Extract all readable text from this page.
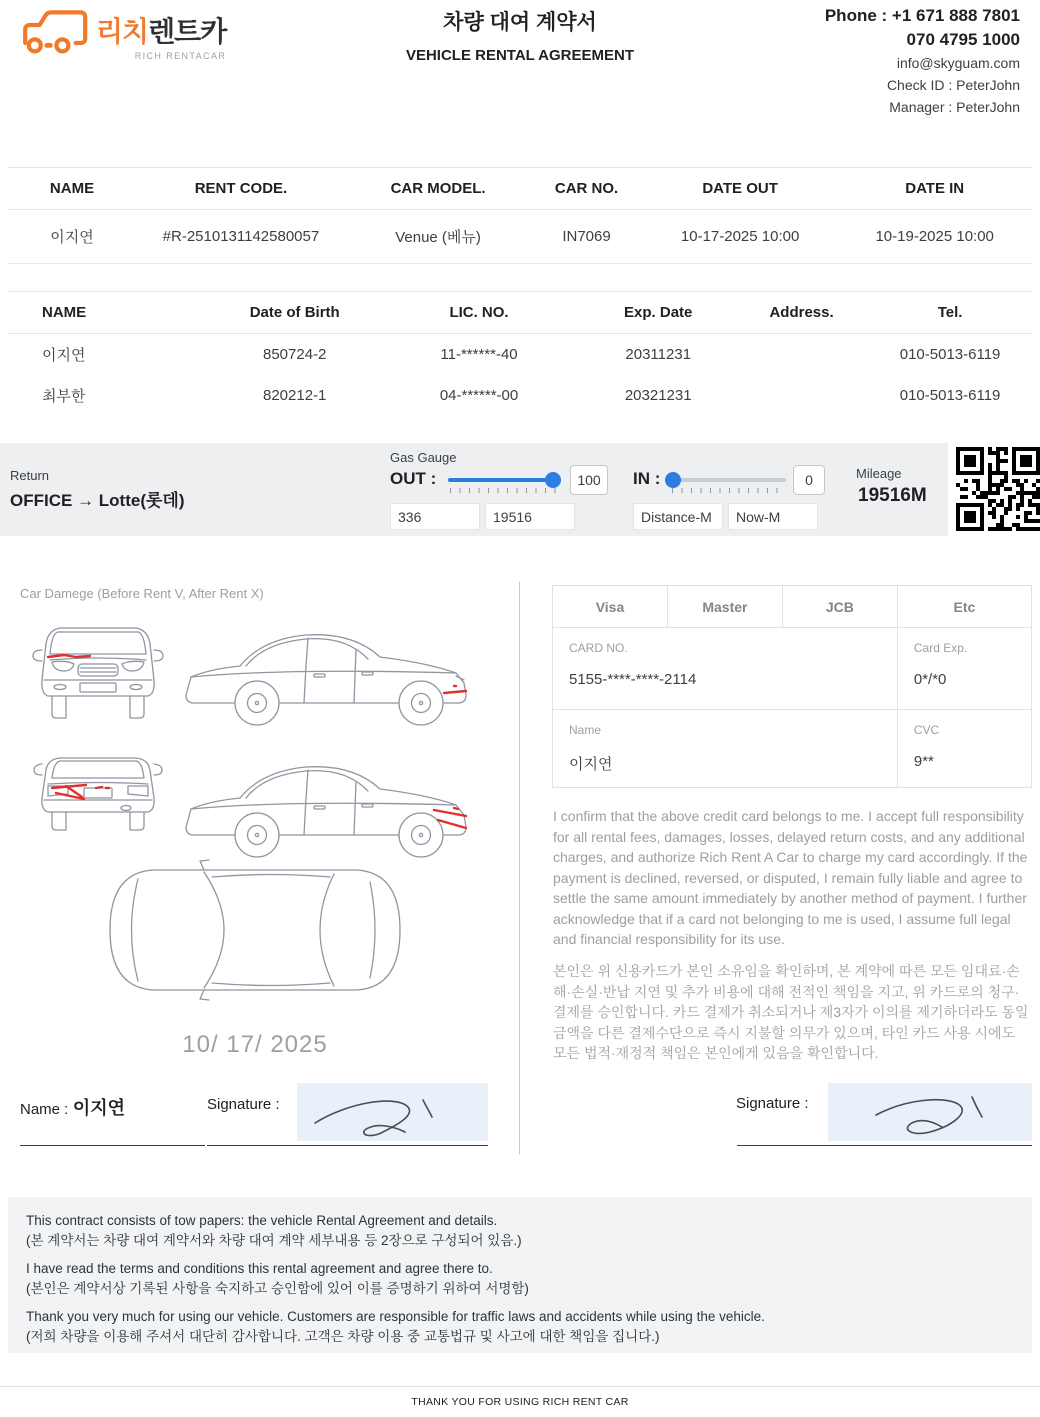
리치 렌트카
RICH RENTACAR
차량 대여 계약서
VEHICLE RENTAL AGREEMENT
Phone : +1 671 888 7801
070 4795 1000
info@skyguam.com
Check ID : PeterJohn
Manager : PeterJohn
NAME	RENT CODE.	CAR MODEL.	CAR NO.	DATE OUT	DATE IN
이지연	#R-2510131142580057	Venue (베뉴)	IN7069	10-17-2025 10:00	10-19-2025 10:00
NAME	Date of Birth	LIC. NO.	Exp. Date	Address.	Tel.
이지연	850724-2	11-******-40	20311231		010-5013-6119
최부한	820212-1	04-******-00	20321231		010-5013-6119
Return
OFFICE → Lotte(롯데)
Gas Gauge
OUT :	100
336
19516	IN :	0
Distance-M
Now-M	Mileage
19516M
Car Damege (Before Rent V, After Rent X)
10/ 17/ 2025
Name : 이지연	Signature :
Visa	Master	JCB	Etc

CARD NO.
5155-****-****-2114

Card Exp.
0*/*0

Name
이지연

CVC
9**
I confirm that the above credit card belongs to me. I accept full responsibility for all rental fees, damages, losses, delayed return costs, and any additional charges, and authorize Rich Rent A Car to charge my card accordingly. If the payment is declined, reversed, or disputed, I remain fully liable and agree to settle the same amount immediately by another method of payment. I further acknowledge that if a card not belonging to me is used, I assume full legal and financial responsibility for its use.
본인은 위 신용카드가 본인 소유임을 확인하며, 본 계약에 따른 모든 임대료·손해·손실·반납 지연 및 추가 비용에 대해 전적인 책임을 지고, 위 카드로의 청구·결제를 승인합니다. 카드 결제가 취소되거나 제3자가 이의를 제기하더라도 동일 금액을 다른 결제수단으로 즉시 지불할 의무가 있으며, 타인 카드 사용 시에도 모든 법적·재정적 책임은 본인에게 있음을 확인합니다.
Signature :

This contract consists of tow papers: the vehicle Rental Agreement and details.

(본 계약서는 차량 대여 계약서와 차량 대여 계약 세부내용 등 2장으로 구성되어 있음.)

I have read the terms and conditions this rental agreement and agree there to.

(본인은 계약서상 기록된 사항을 숙지하고 승인함에 있어 이를 증명하기 위하여 서명함)

Thank you very much for using our vehicle. Customers are responsible for traffic laws and accidents while using the vehicle.

(저희 차량을 이용해 주셔서 대단히 감사합니다. 고객은 차량 이용 중 교통법규 및 사고에 대한 책임을 집니다.)

THANK YOU FOR USING RICH RENT CAR
